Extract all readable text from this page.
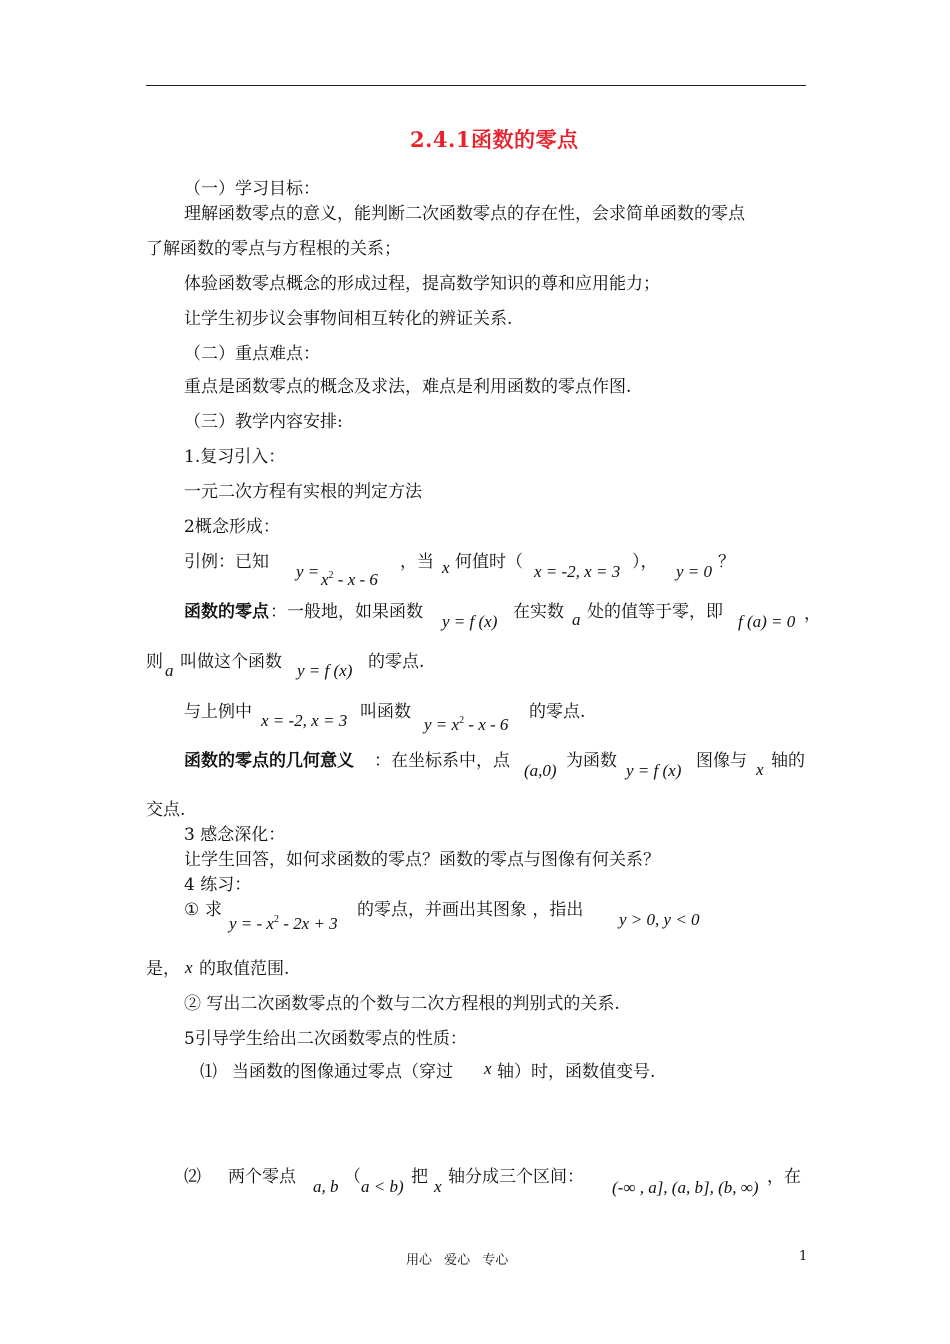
2.4.1函数的零点
（一）学习目标：
理解函数零点的意义，能判断二次函数零点的存在性，会求简单函数的零点
了解函数的零点与方程根的关系；
体验函数零点概念的形成过程，提高数学知识的尊和应用能力；
让学生初步议会事物间相互转化的辨证关系.
（二）重点难点：
重点是函数零点的概念及求法，难点是利用函数的零点作图.
（三）教学内容安排:
1.复习引入：
一元二次方程有实根的判定方法
2概念形成：
引例：已知 $y = x^2 - x - 6$
，当 x 何值时（ x = -2, x = 3 ）， y = 0 ？
函数的零点 ：一般地，如果函数 y = f (x) 在实数 a 处的值等于零，即 f (a) = 0 ，
则 a 叫做这个函数 y = f (x) 的零点.
与上例中 x = -2, x = 3 叫函数
$y = x^2 - x - 6$
的零点.
函数的零点的几何意义 ：在坐标系中，点 (a,0) 为函数 y = f (x) 图像与 x 轴的
交点.
3 感念深化：
让学生回答，如何求函数的零点？函数的零点与图像有何关系？
4 练习：
① 求
y = - $x^2 - 2x + 3$
的零点，并画出其图象 ，指出 y > 0, y < 0
是， x 的取值范围.
② 写出二次函数零点的个数与二次方程根的判别式的关系.
5引导学生给出二次函数零点的性质：
⑴ 当函数的图像通过零点（穿过 x 轴）时，函数值变号.
⑵ 两个零点 a, b （ a < b) 把 x 轴分成三个区间：
(-∞ , a], (a, b], (b, ∞)
，在
用心 爱心 专心	1
